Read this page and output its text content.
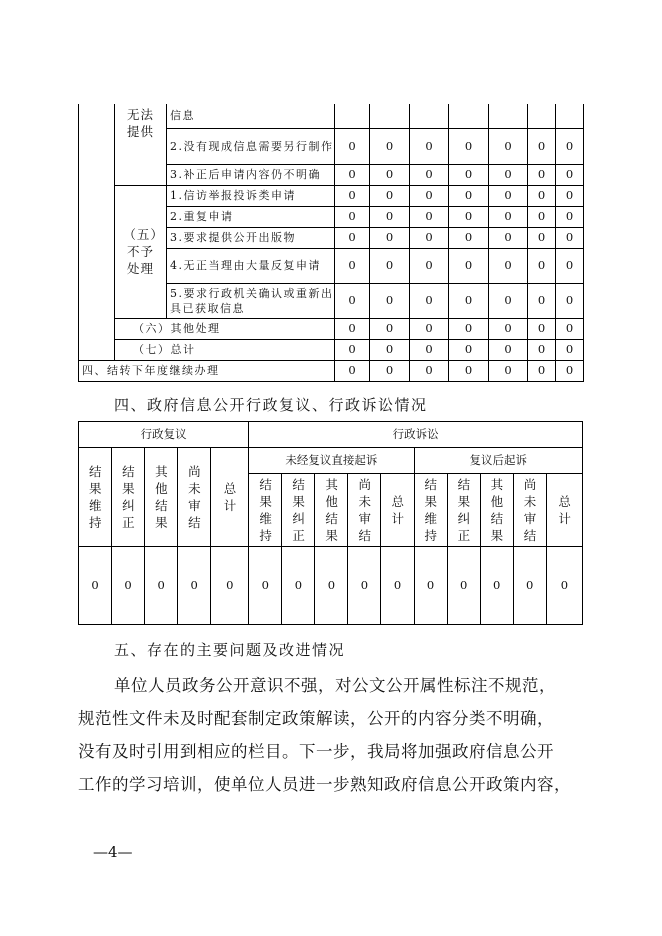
	无法提供	信息							
		2.没有现成信息需要另行制作	0	0	0	0	0	0	0
		3.补正后申请内容仍不明确	0	0	0	0	0	0	0
	（五）不予处理	1.信访举报投诉类申请	0	0	0	0	0	0	0
		2.重复申请	0	0	0	0	0	0	0
		3.要求提供公开出版物	0	0	0	0	0	0	0
		4.无正当理由大量反复申请	0	0	0	0	0	0	0
		5.要求行政机关确认或重新出具已获取信息	0	0	0	0	0	0	0
	（六）其他处理		0	0	0	0	0	0	0
	（七）总计		0	0	0	0	0	0	0
四、结转下年度继续办理			0	0	0	0	0	0	0
四、政府信息公开行政复议、行政诉讼情况
行政复议					行政诉讼									
结果维持	结果纠正	其他结果	尚未审结	总计	未经复议直接起诉					复议后起诉				
					结果维持	结果纠正	其他结果	尚未审结	总计	结果维持	结果纠正	其他结果	尚未审结	总计
0	0	0	0	0	0	0	0	0	0	0	0	0	0	0
五、存在的主要问题及改进情况
单位人员政务公开意识不强，对公文公开属性标注不规范，
规范性文件未及时配套制定政策解读，公开的内容分类不明确，
没有及时引用到相应的栏目。下一步，我局将加强政府信息公开
工作的学习培训，使单位人员进一步熟知政府信息公开政策内容，
—4—
